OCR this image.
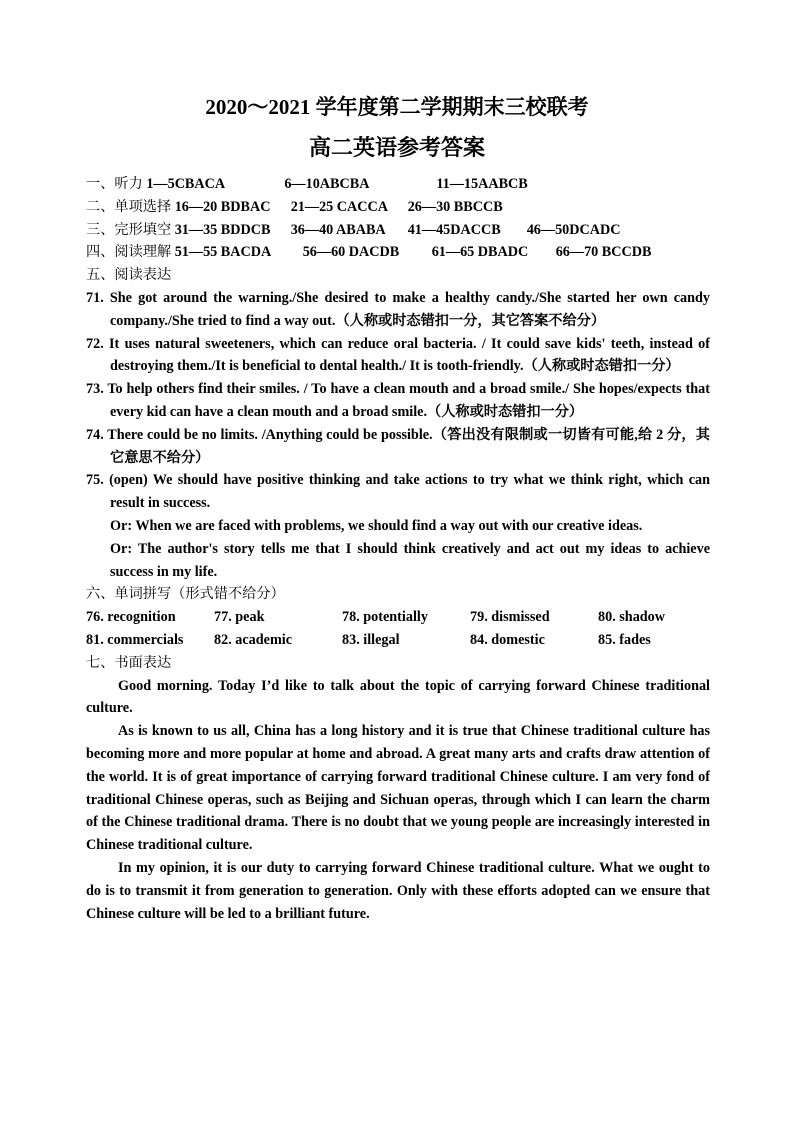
2020～2021 学年度第二学期期末三校联考
高二英语参考答案
一、听力 1—5CBACA	6—10ABCBA	11—15AABCB
二、单项选择 16—20 BDBAC 21—25 CACCA 26—30 BBCCB
三、完形填空 31—35 BDDCB 36—40 ABABA 41—45DACCB 46—50DCADC
四、阅读理解 51—55 BACDA 56—60 DACDB 61—65 DBADC 66—70 BCCDB
五、阅读表达
71. She got around the warning./She desired to make a healthy candy./She started her own candy company./She tried to find a way out.（人称或时态错扣一分，其它答案不给分）
72. It uses natural sweeteners, which can reduce oral bacteria. / It could save kids' teeth, instead of destroying them./It is beneficial to dental health./ It is tooth-friendly.（人称或时态错扣一分）
73. To help others find their smiles. / To have a clean mouth and a broad smile./ She hopes/expects that every kid can have a clean mouth and a broad smile.（人称或时态错扣一分）
74. There could be no limits. /Anything could be possible.（答出没有限制或一切皆有可能,给 2 分，其它意思不给分）
75. (open) We should have positive thinking and take actions to try what we think right, which can result in success.
Or: When we are faced with problems, we should find a way out with our creative ideas.
Or: The author's story tells me that I should think creatively and act out my ideas to achieve success in my life.
六、单词拼写（形式错不给分）
76. recognition	77. peak	78. potentially	79. dismissed	80. shadow
81. commercials	82. academic	83. illegal	84. domestic	85. fades
七、书面表达
Good morning. Today I’d like to talk about the topic of carrying forward Chinese traditional culture.
As is known to us all, China has a long history and it is true that Chinese traditional culture has becoming more and more popular at home and abroad. A great many arts and crafts draw attention of the world. It is of great importance of carrying forward traditional Chinese culture. I am very fond of traditional Chinese operas, such as Beijing and Sichuan operas, through which I can learn the charm of the Chinese traditional drama. There is no doubt that we young people are increasingly interested in Chinese traditional culture.
In my opinion, it is our duty to carrying forward Chinese traditional culture. What we ought to do is to transmit it from generation to generation. Only with these efforts adopted can we ensure that Chinese culture will be led to a brilliant future.
